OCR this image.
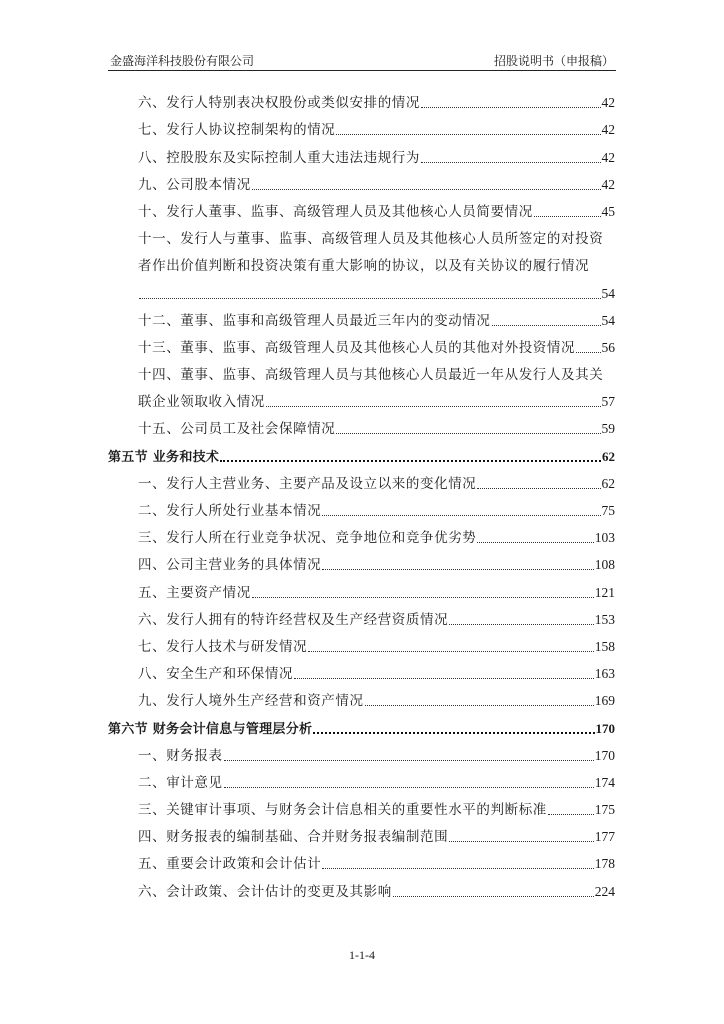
金盛海洋科技股份有限公司	招股说明书（申报稿）
六、发行人特别表决权股份或类似安排的情况	42
七、发行人协议控制架构的情况	42
八、控股股东及实际控制人重大违法违规行为	42
九、公司股本情况	42
十、发行人董事、监事、高级管理人员及其他核心人员简要情况	45
十一、发行人与董事、监事、高级管理人员及其他核心人员所签定的对投资
者作出价值判断和投资决策有重大影响的协议，以及有关协议的履行情况
54
十二、董事、监事和高级管理人员最近三年内的变动情况	54
十三、董事、监事、高级管理人员及其他核心人员的其他对外投资情况 56
十四、董事、监事、高级管理人员与其他核心人员最近一年从发行人及其关
联企业领取收入情况	57
十五、公司员工及社会保障情况	59
第五节 业务和技术	62
一、发行人主营业务、主要产品及设立以来的变化情况	62
二、发行人所处行业基本情况	75
三、发行人所在行业竞争状况、竞争地位和竞争优劣势	103
四、公司主营业务的具体情况	108
五、主要资产情况	121
六、发行人拥有的特许经营权及生产经营资质情况	153
七、发行人技术与研发情况	158
八、安全生产和环保情况	163
九、发行人境外生产经营和资产情况	169
第六节 财务会计信息与管理层分析	170
一、财务报表	170
二、审计意见	174
三、关键审计事项、与财务会计信息相关的重要性水平的判断标准	175
四、财务报表的编制基础、合并财务报表编制范围	177
五、重要会计政策和会计估计	178
六、会计政策、会计估计的变更及其影响	224
1-1-4
